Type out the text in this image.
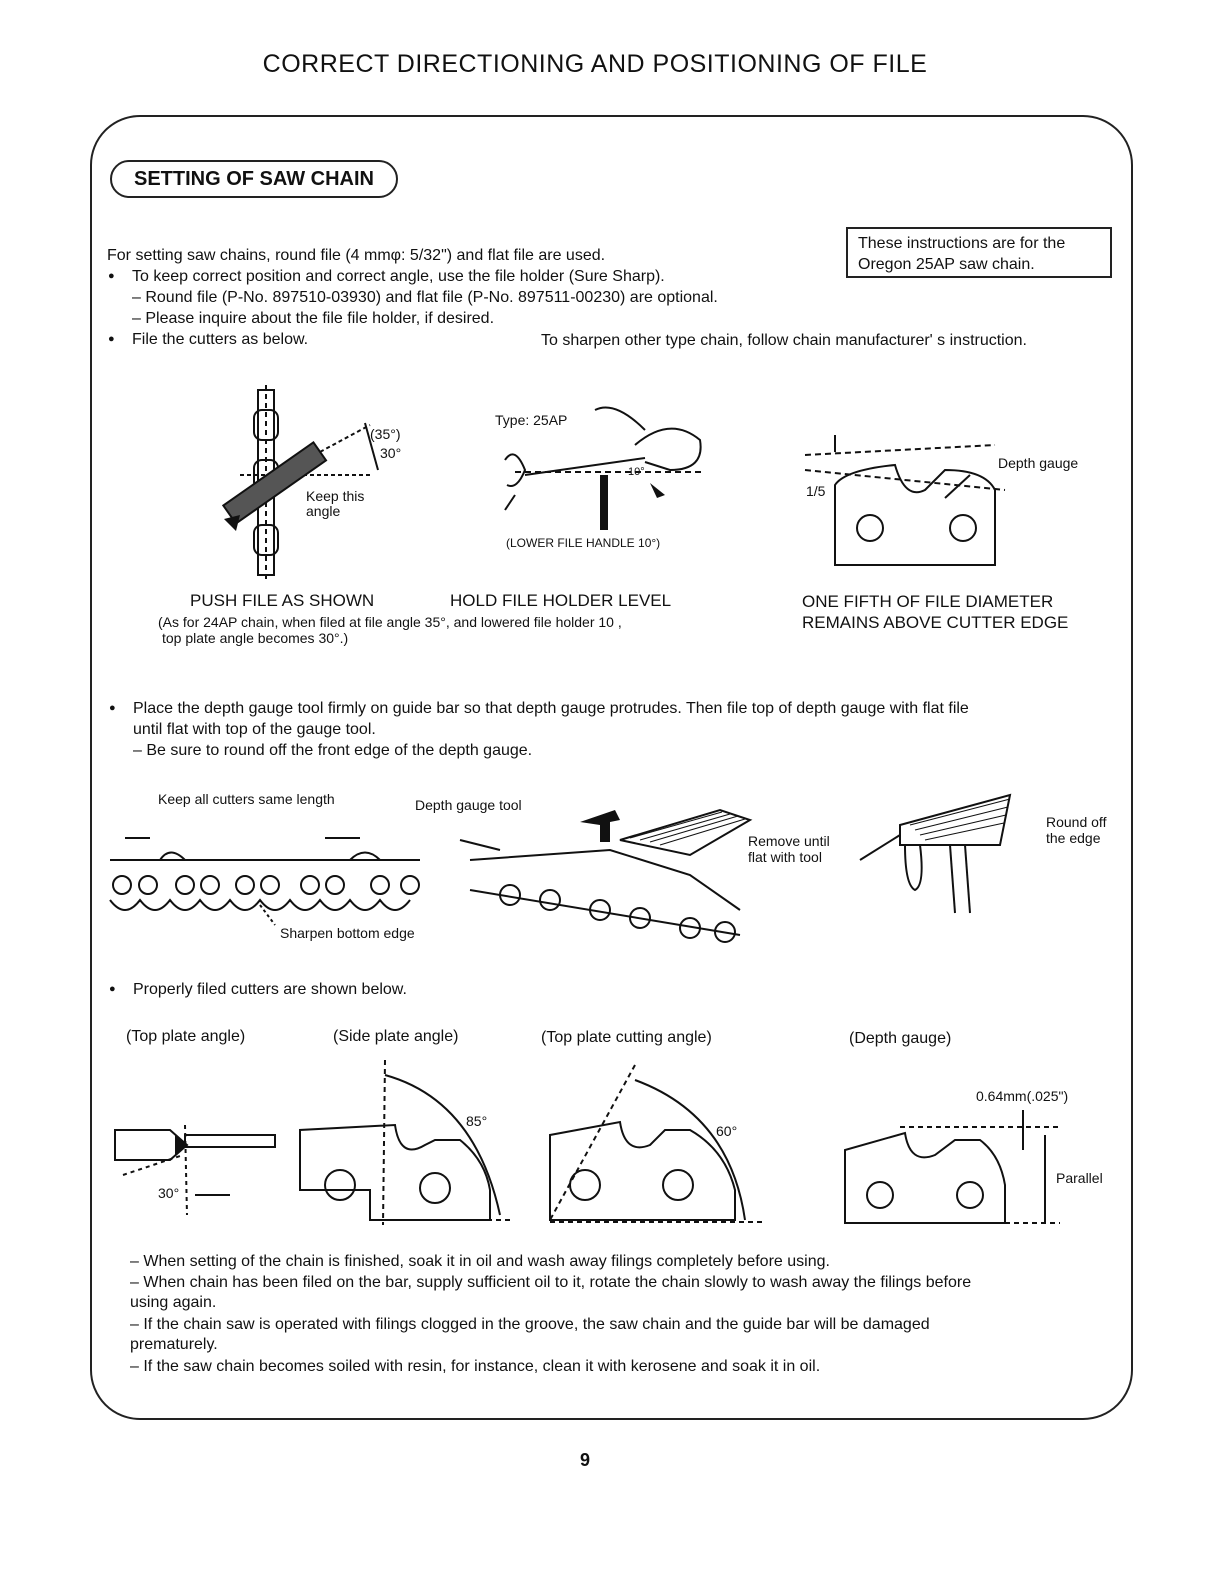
CORRECT DIRECTIONING AND POSITIONING OF FILE
SETTING OF SAW CHAIN
These instructions are for the
Oregon 25AP saw chain.
For setting saw chains, round file (4 mmφ: 5/32") and flat file are used.
● To keep correct position and correct angle, use the file holder (Sure Sharp).
– Round file (P-No. 897510-03930) and flat file (P-No. 897511-00230) are optional.
– Please inquire about the file file holder, if desired.
● File the cutters as below.	To sharpen other type chain, follow chain manufacturer' s instruction.
(35°)
30°
Keep this
angle
Type: 25AP
10°
(LOWER FILE HANDLE 10°)
1/5
Depth gauge
PUSH FILE AS SHOWN	HOLD FILE HOLDER LEVEL	ONE FIFTH OF FILE DIAMETER
REMAINS ABOVE CUTTER EDGE
(As for 24AP chain, when filed at file angle 35°, and lowered file holder 10 ,
top plate angle becomes 30°.)
● Place the depth gauge tool firmly on guide bar so that depth gauge protrudes. Then file top of depth gauge with flat file
until flat with top of the gauge tool.
– Be sure to round off the front edge of the depth gauge.
Keep all cutters same length
Sharpen bottom edge
Depth gauge tool
Remove until
flat with tool
Round off
the edge
● Properly filed cutters are shown below.
(Top plate angle)	(Side plate angle)	(Top plate cutting angle)	(Depth gauge)
30°
85°
60°
0.64mm(.025")
Parallel
– When setting of the chain is finished, soak it in oil and wash away filings completely before using.
– When chain has been filed on the bar, supply sufficient oil to it, rotate the chain slowly to wash away the filings before
using again.
– If the chain saw is operated with filings clogged in the groove, the saw chain and the guide bar will be damaged
prematurely.
– If the saw chain becomes soiled with resin, for instance, clean it with kerosene and soak it in oil.
9
